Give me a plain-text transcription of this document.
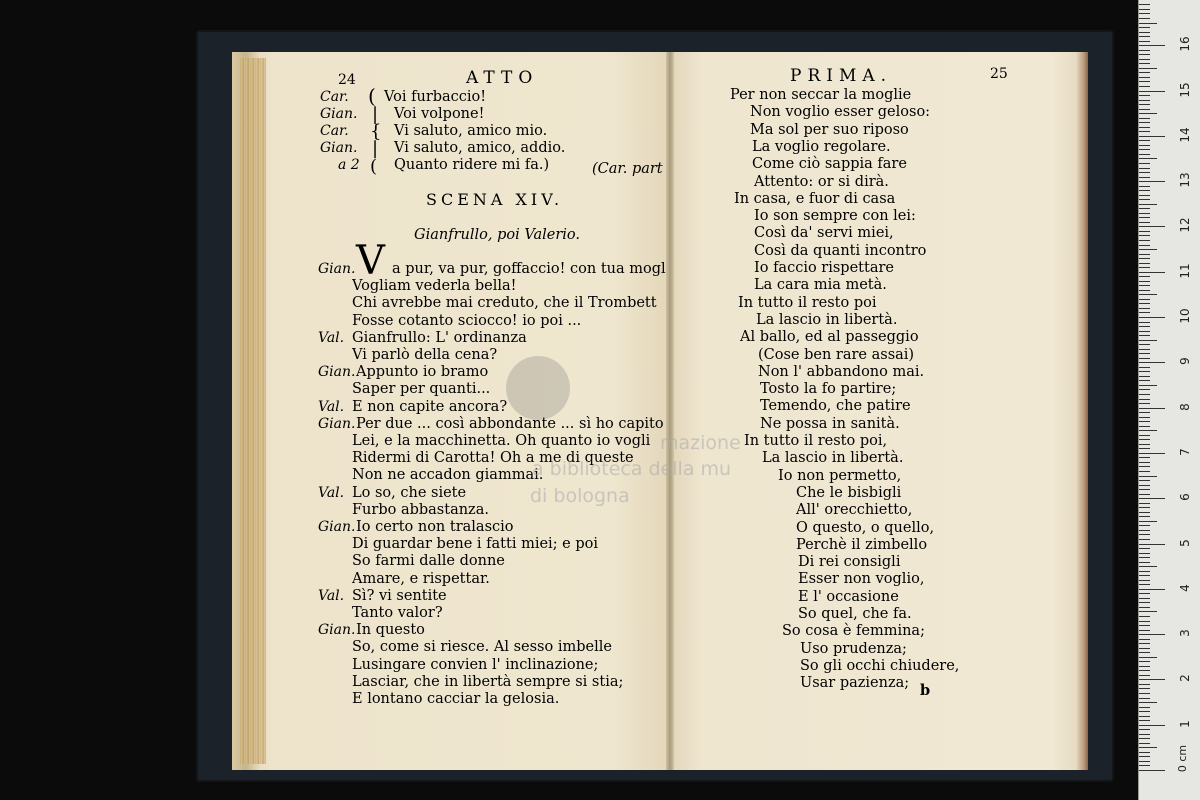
24	ATTO
Car. Voi furbaccio!
Gian.	Voi volpone!
Car.	Vi saluto, amico mio.
Gian.	Vi saluto, amico, addio.
a 2 Quanto ridere mi fa.)
(
|
{
|
(	(Car. part
SCENA XIV.
Gianfrullo, poi Valerio.
Gian. V a pur, va pur, goffaccio! con tua mogl
Vogliam vederla bella!
Chi avrebbe mai creduto, che il Trombett
Fosse cotanto sciocco! io poi ...
Val. Gianfrullo: L' ordinanza
Vi parlò della cena?
Gian. Appunto io bramo
Saper per quanti...
Val. E non capite ancora?
Gian. Per due ... così abbondante ... sì ho capito
Lei, e la macchinetta. Oh quanto io vogli
Ridermi di Carotta! Oh a me di queste
Non ne accadon giammai.
Val. Lo so, che siete
Furbo abbastanza.
Gian. Io certo non tralascio
Di guardar bene i fatti miei; e poi
So farmi dalle donne
Amare, e rispettar.
Val. Sì? vi sentite
Tanto valor?
Gian. In questo
So, come si riesce. Al sesso imbelle
Lusingare convien l' inclinazione;
Lasciar, che in libertà sempre si stia;
E lontano cacciar la gelosia.
PRIMA.	25
Per non seccar la moglie
Non voglio esser geloso:
Ma sol per suo riposo
La voglio regolare.
Come ciò sappia fare
Attento: or si dirà.
In casa, e fuor di casa
Io son sempre con lei:
Così da' servi miei,
Così da quanti incontro
Io faccio rispettare
La cara mia metà.
In tutto il resto poi
La lascio in libertà.
Al ballo, ed al passeggio
(Cose ben rare assai)
Non l' abbandono mai.
Tosto la fo partire;
Temendo, che patire
Ne possa in sanità.
In tutto il resto poi,
La lascio in libertà.
Io non permetto,
Che le bisbigli
All' orecchietto,
O questo, o quello,
Perchè il zimbello
Di rei consigli
Esser non voglio,
E l' occasione
So quel, che fa.
So cosa è femmina;
Uso prudenza;
So gli occhi chiudere,
Usar pazienza; b
mazione
a biblioteca della mu
di bologna
0 cm
1
2
3
4
5
6
7
8
9
10
11
12
13
14
15
16
